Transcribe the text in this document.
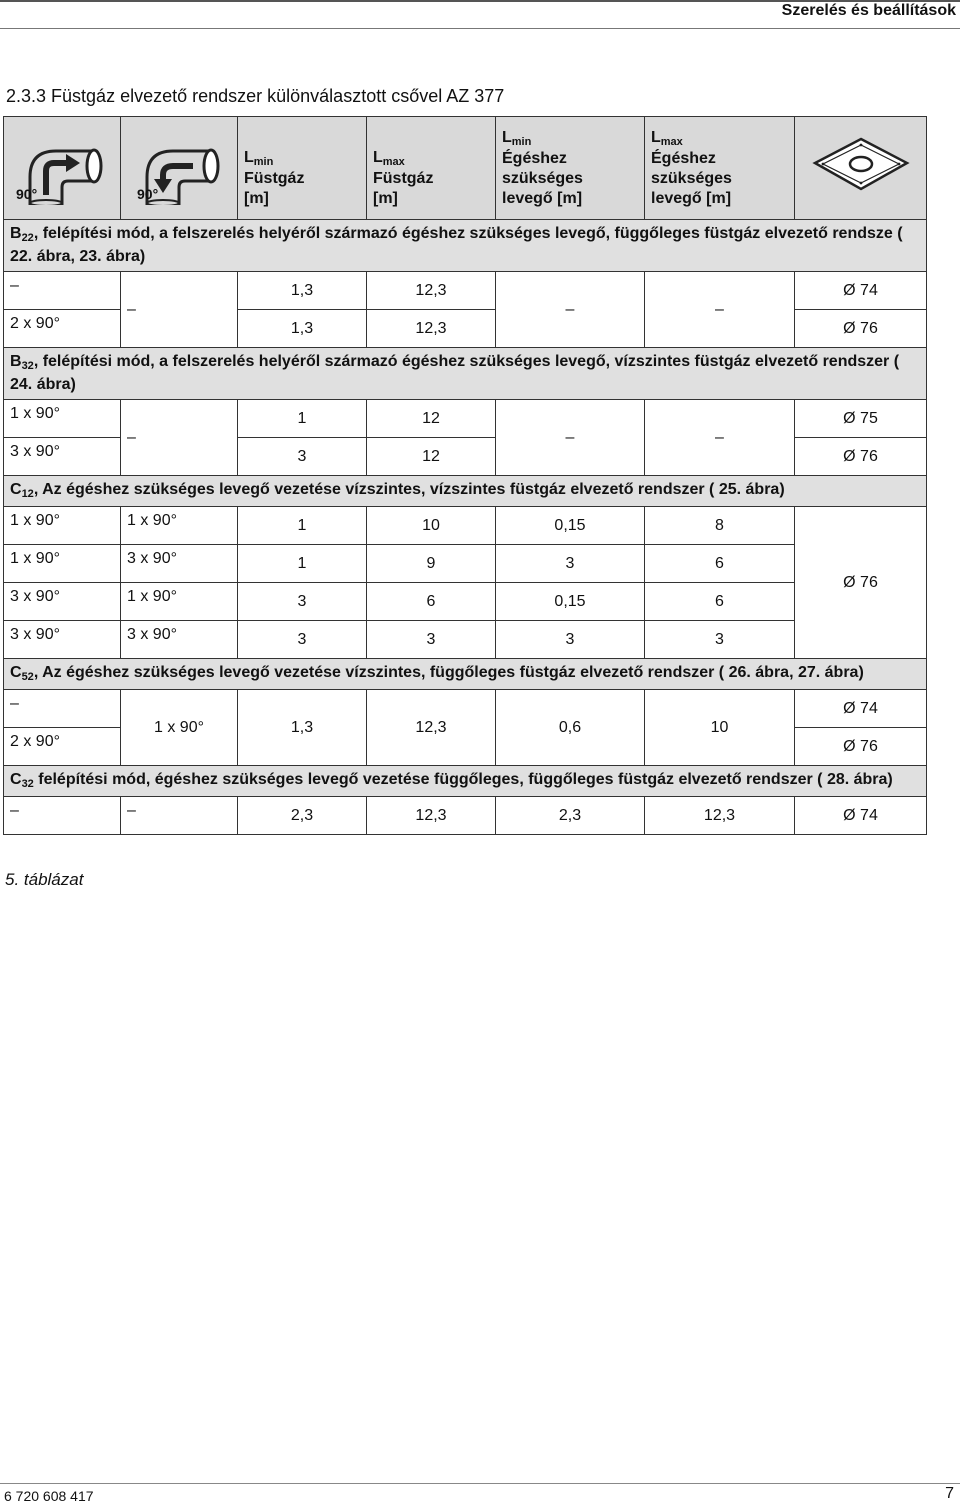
Szerelés és beállítások
2.3.3 Füstgáz elvezető rendszer különválasztott csővel AZ 377
90°	90°	Lmin
Füstgáz
[m]	Lmax
Füstgáz
[m]	Lmin
Égéshez
szükséges
levegő [m]	Lmax
Égéshez
szükséges
levegő [m]	
B22, felépítési mód, a felszerelés helyéről származó égéshez szükséges levegő, függőleges füstgáz elvezető rendsze ( 22. ábra, 23. ábra)						
–	–	1,3	12,3	–	–	Ø 74
2 x 90°		1,3	12,3			Ø 76
B32, felépítési mód, a felszerelés helyéről származó égéshez szükséges levegő, vízszintes füstgáz elvezető rendszer ( 24. ábra)						
1 x 90°	–	1	12	–	–	Ø 75
3 x 90°		3	12			Ø 76
C12, Az égéshez szükséges levegő vezetése vízszintes, vízszintes füstgáz elvezető rendszer ( 25. ábra)						
1 x 90°	1 x 90°	1	10	0,15	8	Ø 76
1 x 90°	3 x 90°	1	9	3	6	
3 x 90°	1 x 90°	3	6	0,15	6	
3 x 90°	3 x 90°	3	3	3	3	
C52, Az égéshez szükséges levegő vezetése vízszintes, függőleges füstgáz elvezető rendszer ( 26. ábra, 27. ábra)						
–	1 x 90°	1,3	12,3	0,6	10	Ø 74
2 x 90°						Ø 76
C32 felépítési mód, égéshez szükséges levegő vezetése függőleges, függőleges füstgáz elvezető rendszer ( 28. ábra)						
–	–	2,3	12,3	2,3	12,3	Ø 74
5. táblázat
6 720 608 417	7
